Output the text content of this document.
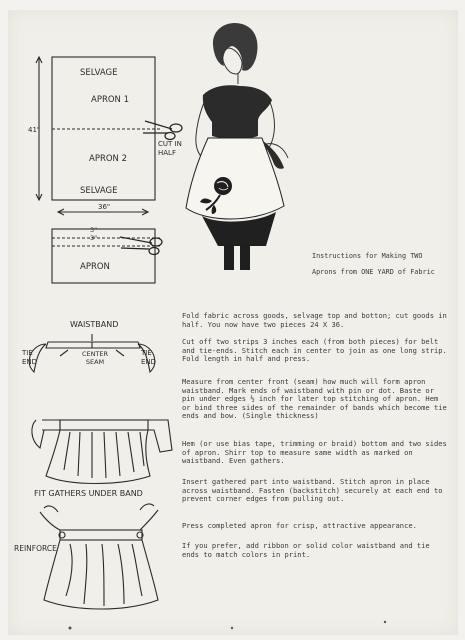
SELVAGE
APRON 1
APRON 2
SELVAGE
41"
36"
CUT IN HALF
3"
3"
APRON
WAISTBAND
TIE END
CENTER SEAM
TIE END
FIT GATHERS UNDER BAND
REINFORCE
Instructions for Making TWO
Aprons from ONE YARD of Fabric
Fold fabric across goods, selvage top and botton; cut goods in half. You now have two pieces 24 X 36.
Cut off two strips 3 inches each (from both pieces) for belt and tie-ends. Stitch each in center to join as one long strip. Fold length in half and press.
Measure from center front (seam) how much will form apron waistband. Mark ends of waistband with pin or dot. Baste or pin under edges ½ inch for later top stitching of apron. Hem or bind three sides of the remainder of bands which become tie ends and bow. (Single thickness)
Hem (or use bias tape, trimming or braid) bottom and two sides of apron. Shirr top to measure same width as marked on waistband. Even gathers.
Insert gathered part into waistband. Stitch apron in place across waistband. Fasten (backstitch) securely at each end to prevent corner edges from pulling out.
Press completed apron for crisp, attractive appearance.
If you prefer, add ribbon or solid color waistband and tie ends to match colors in print.
